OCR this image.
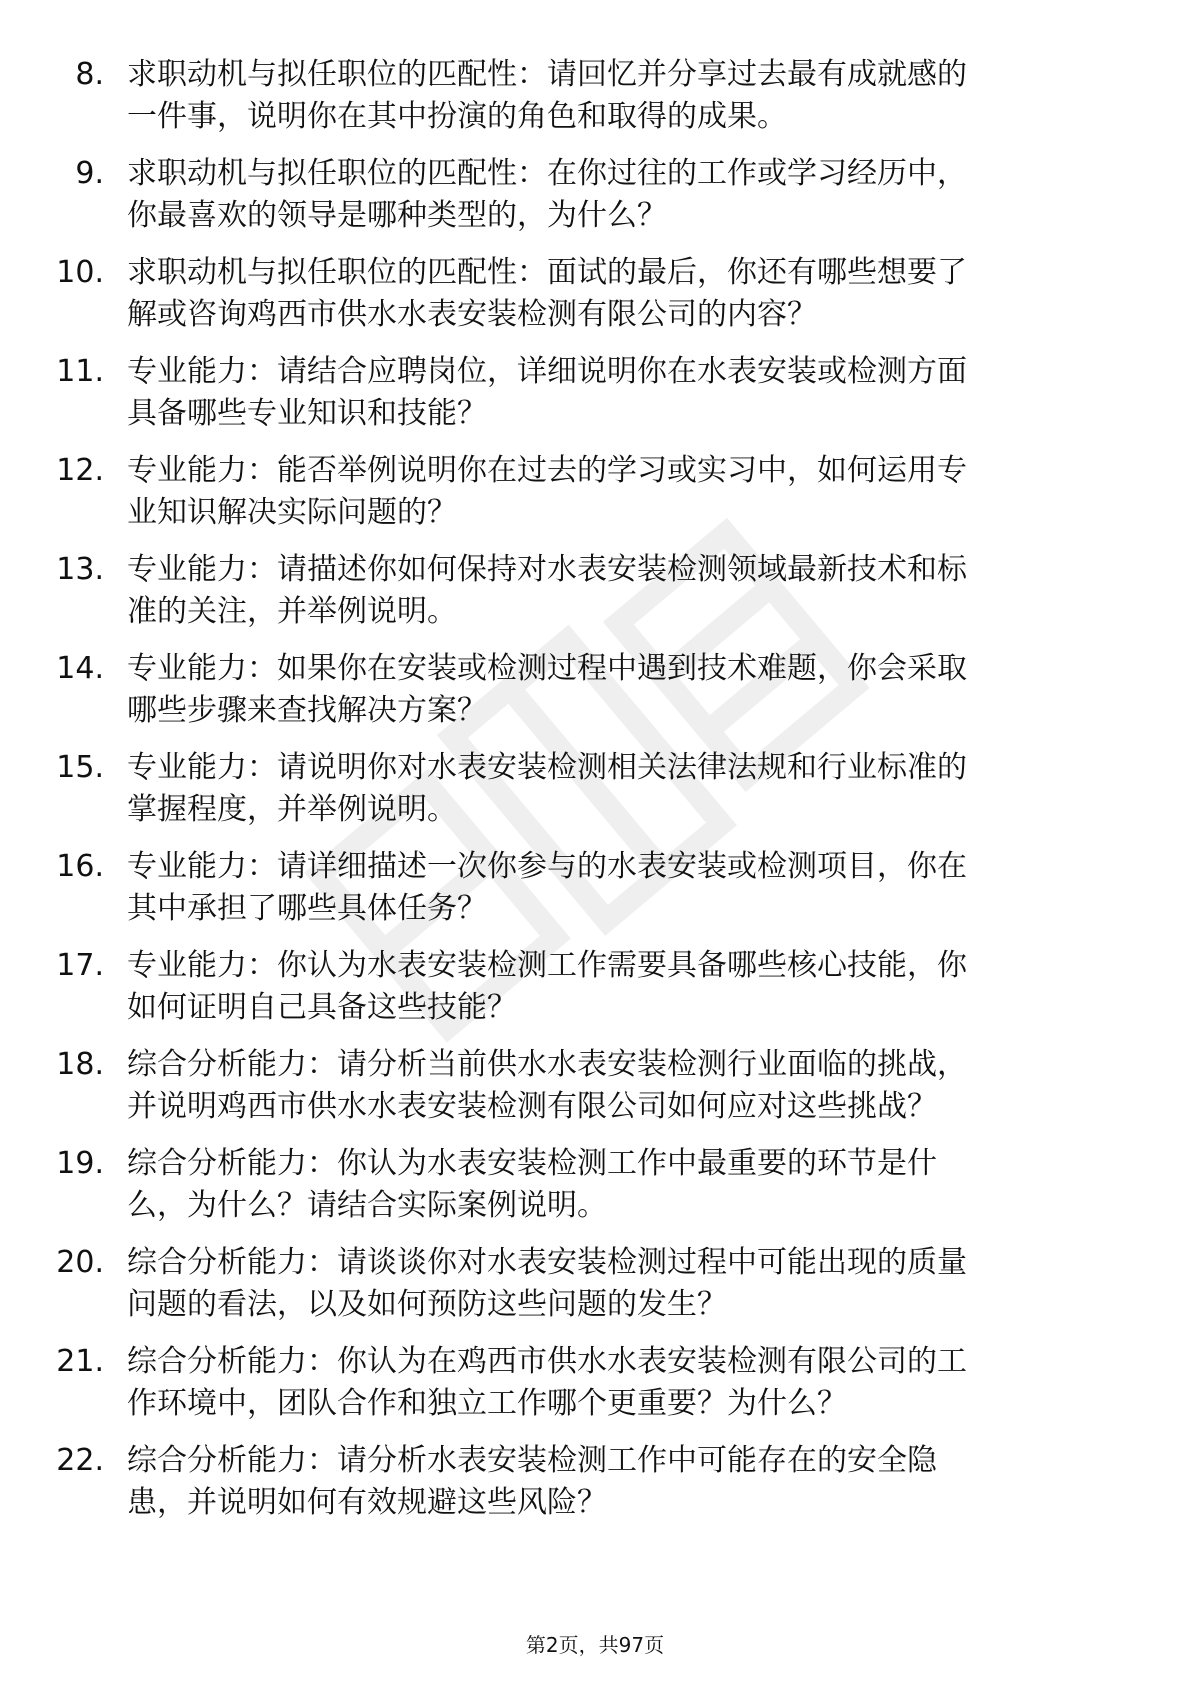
8. 求职动机与拟任职位的匹配性：请回忆并分享过去最有成就感的
一件事，说明你在其中扮演的角色和取得的成果。
9. 求职动机与拟任职位的匹配性：在你过往的工作或学习经历中，
你最喜欢的领导是哪种类型的，为什么？
10. 求职动机与拟任职位的匹配性：面试的最后，你还有哪些想要了
解或咨询鸡西市供水水表安装检测有限公司的内容？
11. 专业能力：请结合应聘岗位，详细说明你在水表安装或检测方面
具备哪些专业知识和技能？
12. 专业能力：能否举例说明你在过去的学习或实习中，如何运用专
业知识解决实际问题的？
13. 专业能力：请描述你如何保持对水表安装检测领域最新技术和标
准的关注，并举例说明。
14. 专业能力：如果你在安装或检测过程中遇到技术难题，你会采取
哪些步骤来查找解决方案？
15. 专业能力：请说明你对水表安装检测相关法律法规和行业标准的
掌握程度，并举例说明。
16. 专业能力：请详细描述一次你参与的水表安装或检测项目，你在
其中承担了哪些具体任务？
17. 专业能力：你认为水表安装检测工作需要具备哪些核心技能，你
如何证明自己具备这些技能？
18. 综合分析能力：请分析当前供水水表安装检测行业面临的挑战，
并说明鸡西市供水水表安装检测有限公司如何应对这些挑战？
19. 综合分析能力：你认为水表安装检测工作中最重要的环节是什
么，为什么？请结合实际案例说明。
20. 综合分析能力：请谈谈你对水表安装检测过程中可能出现的质量
问题的看法，以及如何预防这些问题的发生？
21. 综合分析能力：你认为在鸡西市供水水表安装检测有限公司的工
作环境中，团队合作和独立工作哪个更重要？为什么？
22. 综合分析能力：请分析水表安装检测工作中可能存在的安全隐
患，并说明如何有效规避这些风险？
第2页，共97页
